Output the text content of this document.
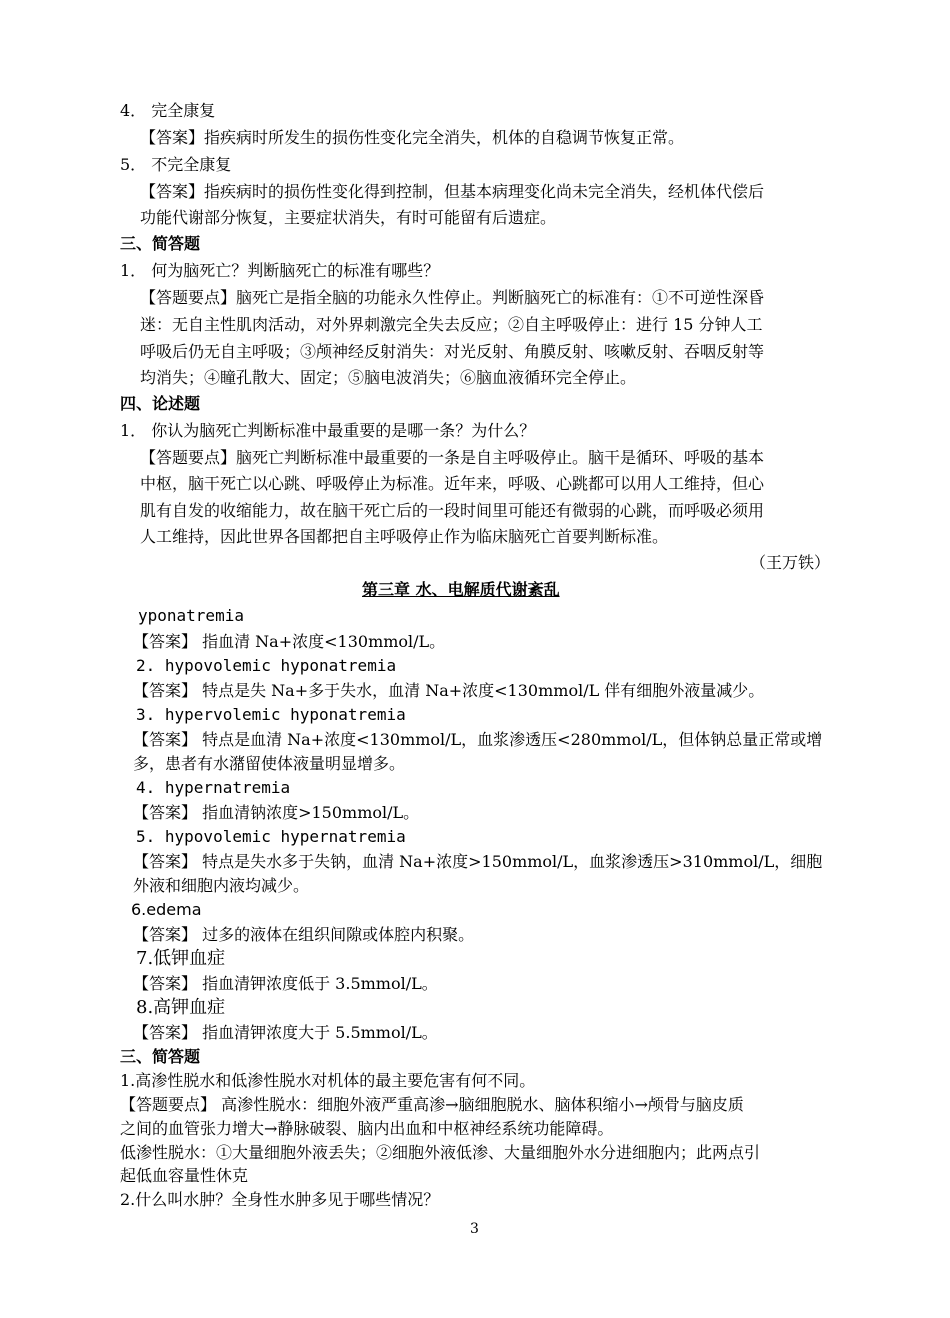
4． 完全康复
【答案】指疾病时所发生的损伤性变化完全消失，机体的自稳调节恢复正常。
5． 不完全康复
【答案】指疾病时的损伤性变化得到控制，但基本病理变化尚未完全消失，经机体代偿后
功能代谢部分恢复，主要症状消失，有时可能留有后遗症。
三、简答题
1． 何为脑死亡？判断脑死亡的标准有哪些？
【答题要点】脑死亡是指全脑的功能永久性停止。判断脑死亡的标准有：①不可逆性深昏
迷：无自主性肌肉活动，对外界刺激完全失去反应；②自主呼吸停止：进行 15 分钟人工
呼吸后仍无自主呼吸；③颅神经反射消失：对光反射、角膜反射、咳嗽反射、吞咽反射等
均消失；④瞳孔散大、固定；⑤脑电波消失；⑥脑血液循环完全停止。
四、论述题
1． 你认为脑死亡判断标准中最重要的是哪一条？为什么？
【答题要点】脑死亡判断标准中最重要的一条是自主呼吸停止。脑干是循环、呼吸的基本
中枢，脑干死亡以心跳、呼吸停止为标准。近年来，呼吸、心跳都可以用人工维持，但心
肌有自发的收缩能力，故在脑干死亡后的一段时间里可能还有微弱的心跳，而呼吸必须用
人工维持，因此世界各国都把自主呼吸停止作为临床脑死亡首要判断标准。
（王万铁）
第三章 水、电解质代谢紊乱
yponatremia
【答案】 指血清 Na+浓度<130mmol/L。
2. hypovolemic hyponatremia
【答案】 特点是失 Na+多于失水，血清 Na+浓度<130mmol/L 伴有细胞外液量减少。
3. hypervolemic hyponatremia
【答案】 特点是血清 Na+浓度<130mmol/L，血浆渗透压<280mmol/L，但体钠总量正常或增
多，患者有水潴留使体液量明显增多。
4. hypernatremia
【答案】 指血清钠浓度>150mmol/L。
5. hypovolemic hypernatremia
【答案】 特点是失水多于失钠，血清 Na+浓度>150mmol/L，血浆渗透压>310mmol/L，细胞
外液和细胞内液均减少。
6.edema
【答案】 过多的液体在组织间隙或体腔内积聚。
7.低钾血症
【答案】 指血清钾浓度低于 3.5mmol/L。
8.高钾血症
【答案】 指血清钾浓度大于 5.5mmol/L。
三、简答题
1.高渗性脱水和低渗性脱水对机体的最主要危害有何不同。
【答题要点】 高渗性脱水：细胞外液严重高渗→脑细胞脱水、脑体积缩小→颅骨与脑皮质
之间的血管张力增大→静脉破裂、脑内出血和中枢神经系统功能障碍。
低渗性脱水：①大量细胞外液丢失；②细胞外液低渗、大量细胞外水分进细胞内；此两点引
起低血容量性休克
2.什么叫水肿？全身性水肿多见于哪些情况？
3
